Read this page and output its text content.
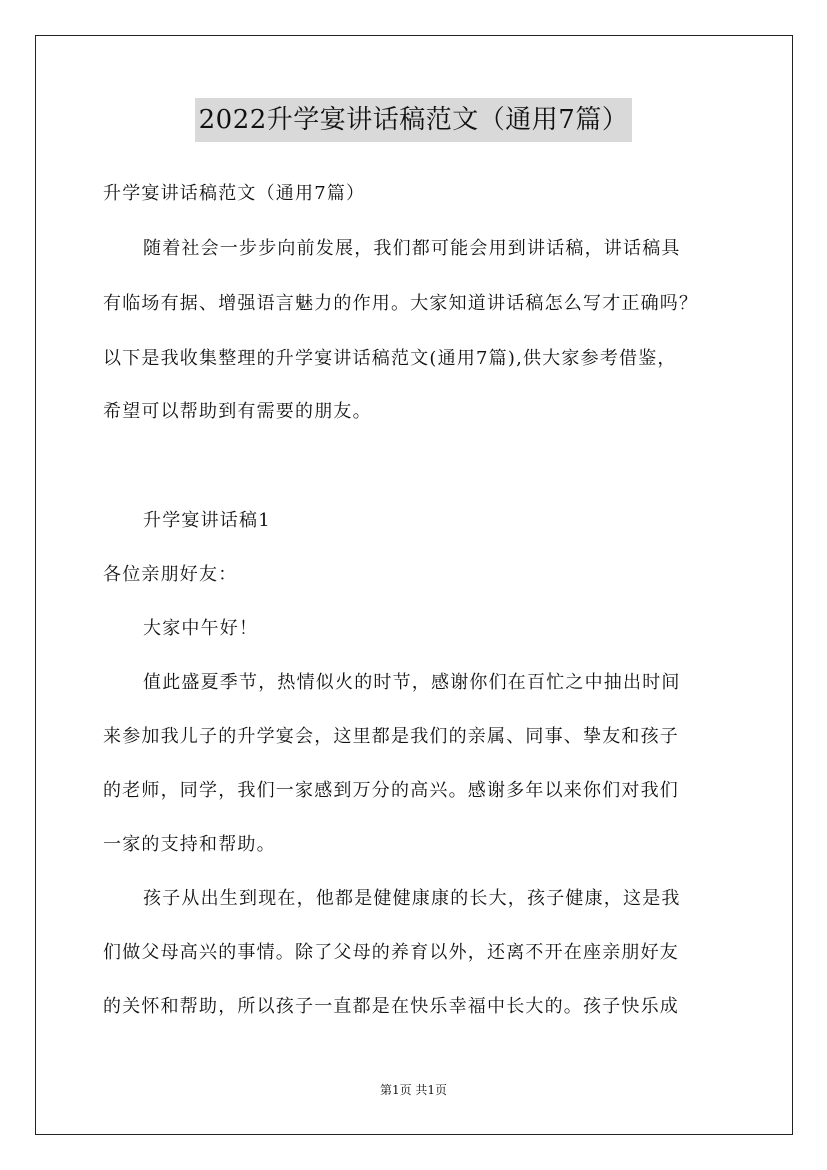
2022升学宴讲话稿范文（通用7篇）
升学宴讲话稿范文（通用7篇）
随着社会一步步向前发展，我们都可能会用到讲话稿，讲话稿具
有临场有据、增强语言魅力的作用。大家知道讲话稿怎么写才正确吗？
以下是我收集整理的升学宴讲话稿范文(通用7篇),供大家参考借鉴，
希望可以帮助到有需要的朋友。
升学宴讲话稿1
各位亲朋好友：
大家中午好！
值此盛夏季节，热情似火的时节，感谢你们在百忙之中抽出时间
来参加我儿子的升学宴会，这里都是我们的亲属、同事、挚友和孩子
的老师，同学，我们一家感到万分的高兴。感谢多年以来你们对我们
一家的支持和帮助。
孩子从出生到现在，他都是健健康康的长大，孩子健康，这是我
们做父母高兴的事情。除了父母的养育以外，还离不开在座亲朋好友
的关怀和帮助，所以孩子一直都是在快乐幸福中长大的。孩子快乐成
第1页 共1页
